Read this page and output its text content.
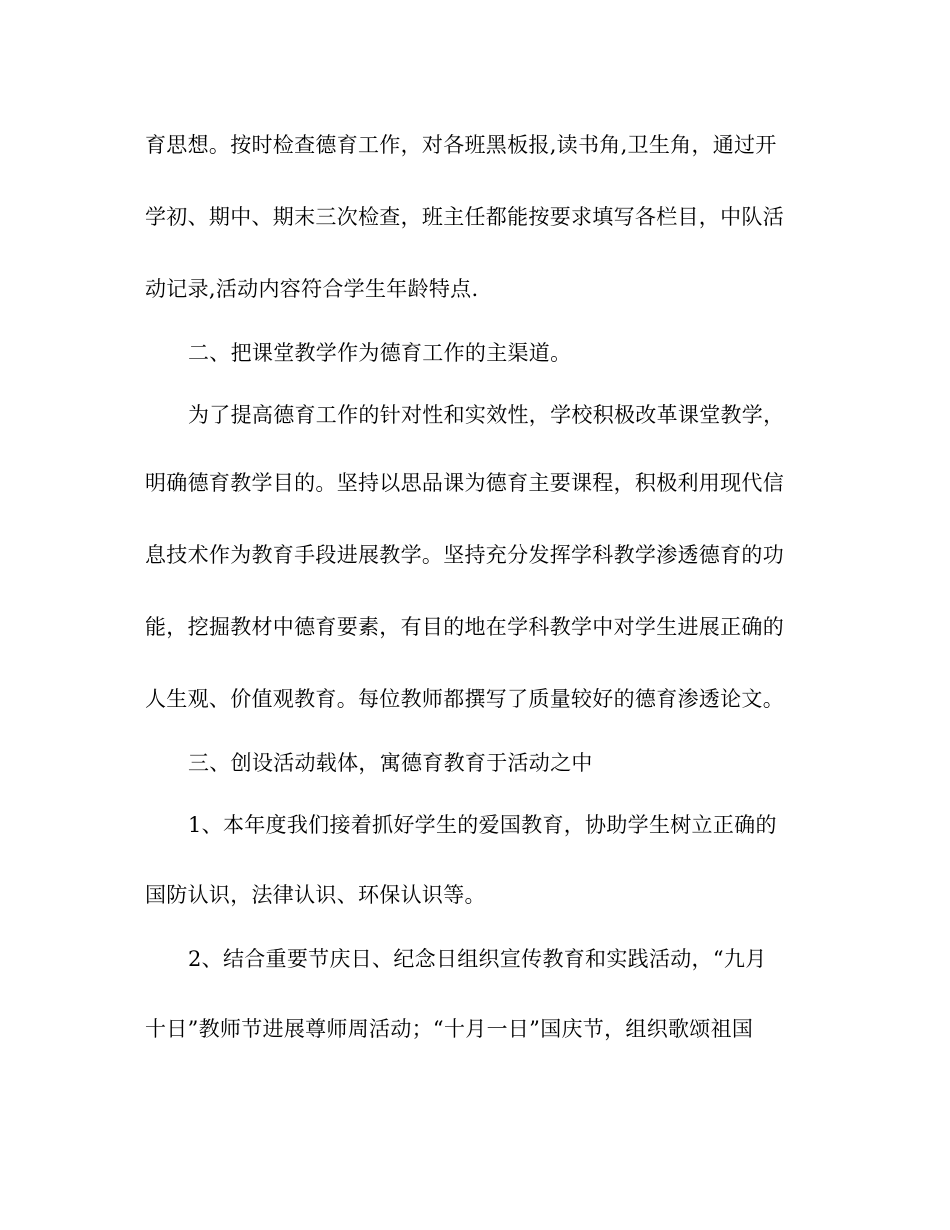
育思想。按时检查德育工作，对各班黑板报,读书角,卫生角，通过开
学初、期中、期末三次检查，班主任都能按要求填写各栏目，中队活
动记录,活动内容符合学生年龄特点.
二、把课堂教学作为德育工作的主渠道。
为了提高德育工作的针对性和实效性，学校积极改革课堂教学，
明确德育教学目的。坚持以思品课为德育主要课程，积极利用现代信
息技术作为教育手段进展教学。坚持充分发挥学科教学渗透德育的功
能，挖掘教材中德育要素，有目的地在学科教学中对学生进展正确的
人生观、价值观教育。每位教师都撰写了质量较好的德育渗透论文。
三、创设活动载体，寓德育教育于活动之中
1、本年度我们接着抓好学生的爱国教育，协助学生树立正确的
国防认识，法律认识、环保认识等。
2、结合重要节庆日、纪念日组织宣传教育和实践活动，“九月
十日”教师节进展尊师周活动；“十月一日”国庆节，组织歌颂祖国
